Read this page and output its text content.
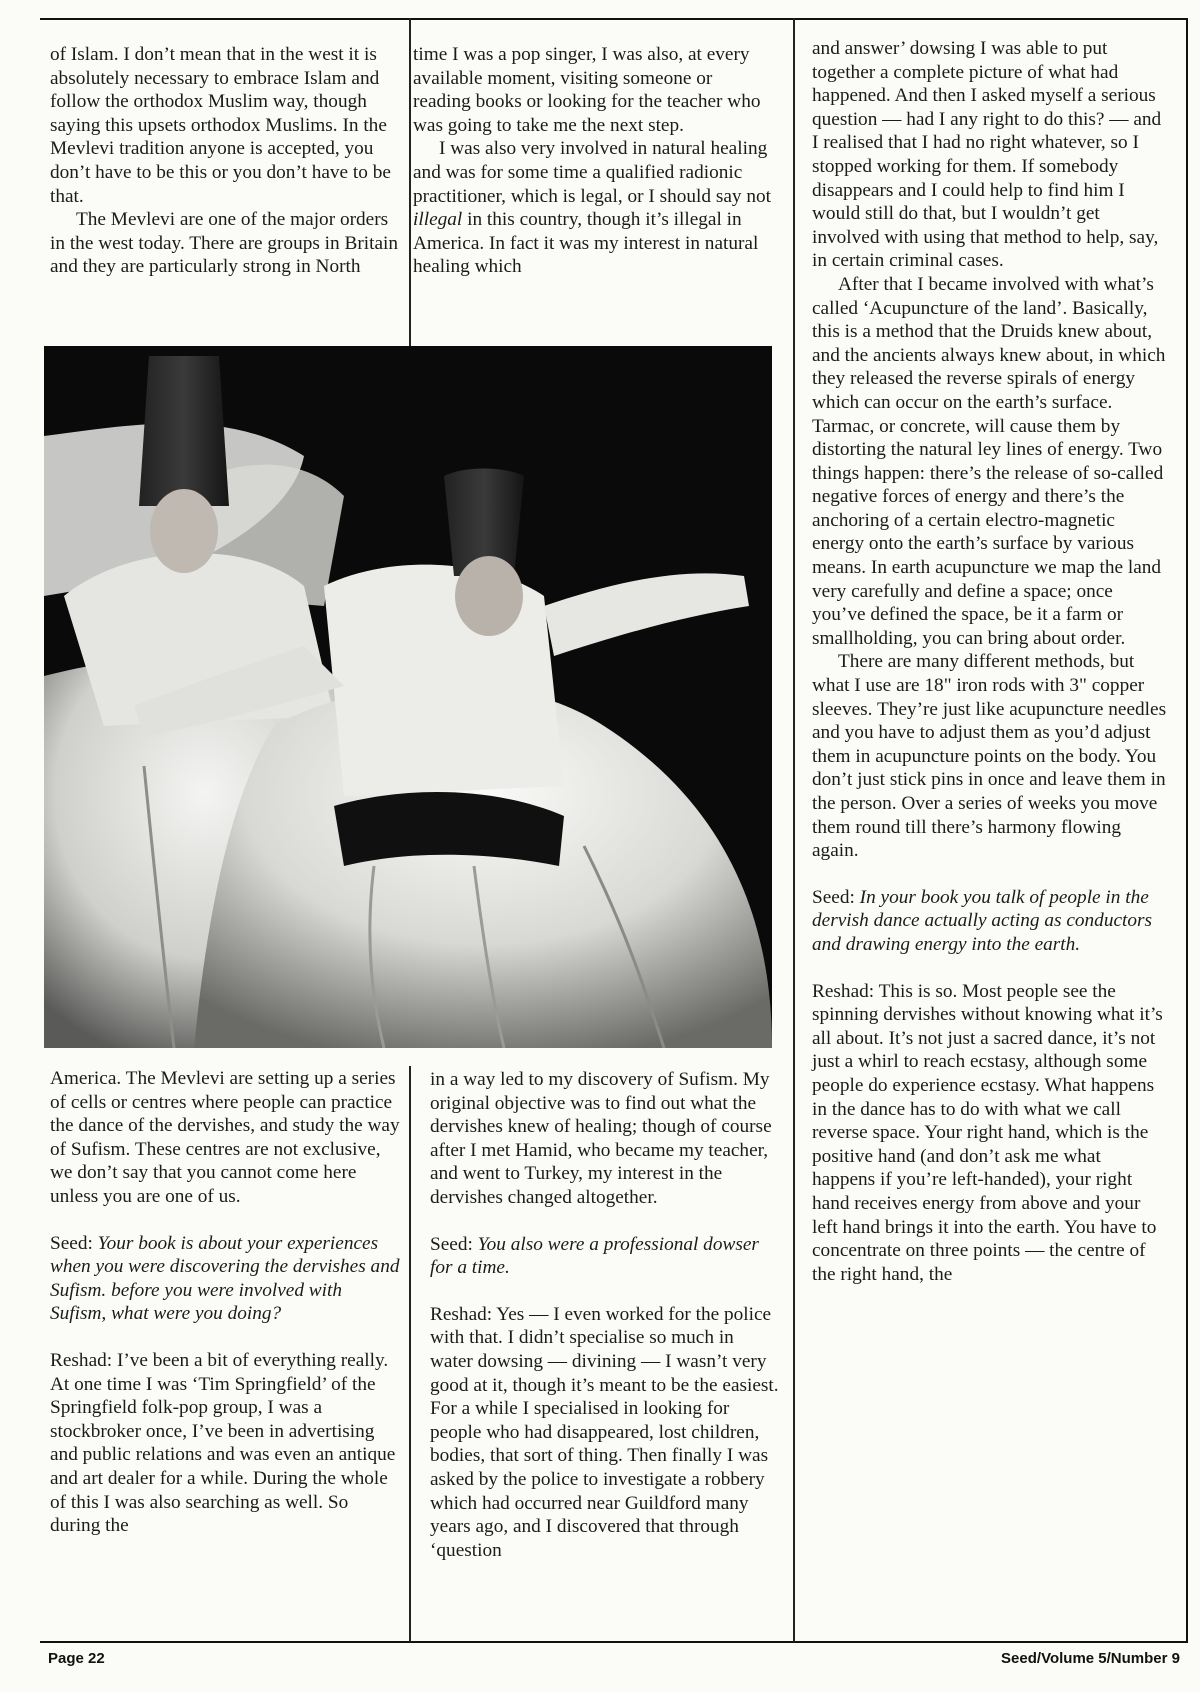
of Islam. I don’t mean that in the west it is absolutely necessary to embrace Islam and follow the orthodox Muslim way, though saying this upsets orthodox Muslims. In the Mevlevi tradition anyone is accepted, you don’t have to be this or you don’t have to be that.

The Mevlevi are one of the major orders in the west today. There are groups in Britain and they are particularly strong in North

time I was a pop singer, I was also, at every available moment, visiting someone or reading books or looking for the teacher who was going to take me the next step.

I was also very involved in natural healing and was for some time a qualified radionic practitioner, which is legal, or I should say not illegal in this country, though it’s illegal in America. In fact it was my interest in natural healing which

America. The Mevlevi are setting up a series of cells or centres where people can practice the dance of the dervishes, and study the way of Sufism. These centres are not exclusive, we don’t say that you cannot come here unless you are one of us.

Seed: Your book is about your experiences when you were discovering the dervishes and Sufism. before you were involved with Sufism, what were you doing?

Reshad: I’ve been a bit of everything really. At one time I was ‘Tim Springfield’ of the Springfield folk-pop group, I was a stockbroker once, I’ve been in advertising and public relations and was even an antique and art dealer for a while. During the whole of this I was also searching as well. So during the

in a way led to my discovery of Sufism. My original objective was to find out what the dervishes knew of healing; though of course after I met Hamid, who became my teacher, and went to Turkey, my interest in the dervishes changed altogether.

Seed: You also were a professional dowser for a time.

Reshad: Yes — I even worked for the police with that. I didn’t specialise so much in water dowsing — divining — I wasn’t very good at it, though it’s meant to be the easiest. For a while I specialised in looking for people who had disappeared, lost children, bodies, that sort of thing. Then finally I was asked by the police to investigate a robbery which had occurred near Guildford many years ago, and I discovered that through ‘question

and answer’ dowsing I was able to put together a complete picture of what had happened. And then I asked myself a serious question — had I any right to do this? — and I realised that I had no right whatever, so I stopped working for them. If somebody disappears and I could help to find him I would still do that, but I wouldn’t get involved with using that method to help, say, in certain criminal cases.

After that I became involved with what’s called ‘Acupuncture of the land’. Basically, this is a method that the Druids knew about, and the ancients always knew about, in which they released the reverse spirals of energy which can occur on the earth’s surface. Tarmac, or concrete, will cause them by distorting the natural ley lines of energy. Two things happen: there’s the release of so-called negative forces of energy and there’s the anchoring of a certain electro-magnetic energy onto the earth’s surface by various means. In earth acupuncture we map the land very carefully and define a space; once you’ve defined the space, be it a farm or smallholding, you can bring about order.

There are many different methods, but what I use are 18" iron rods with 3" copper sleeves. They’re just like acupuncture needles and you have to adjust them as you’d adjust them in acupuncture points on the body. You don’t just stick pins in once and leave them in the person. Over a series of weeks you move them round till there’s harmony flowing again.

Seed: In your book you talk of people in the dervish dance actually acting as conductors and drawing energy into the earth.

Reshad: This is so. Most people see the spinning dervishes without knowing what it’s all about. It’s not just a sacred dance, it’s not just a whirl to reach ecstasy, although some people do experience ecstasy. What happens in the dance has to do with what we call reverse space. Your right hand, which is the positive hand (and don’t ask me what happens if you’re left-handed), your right hand receives energy from above and your left hand brings it into the earth. You have to concentrate on three points — the centre of the right hand, the

Page 22	Seed/Volume 5/Number 9
